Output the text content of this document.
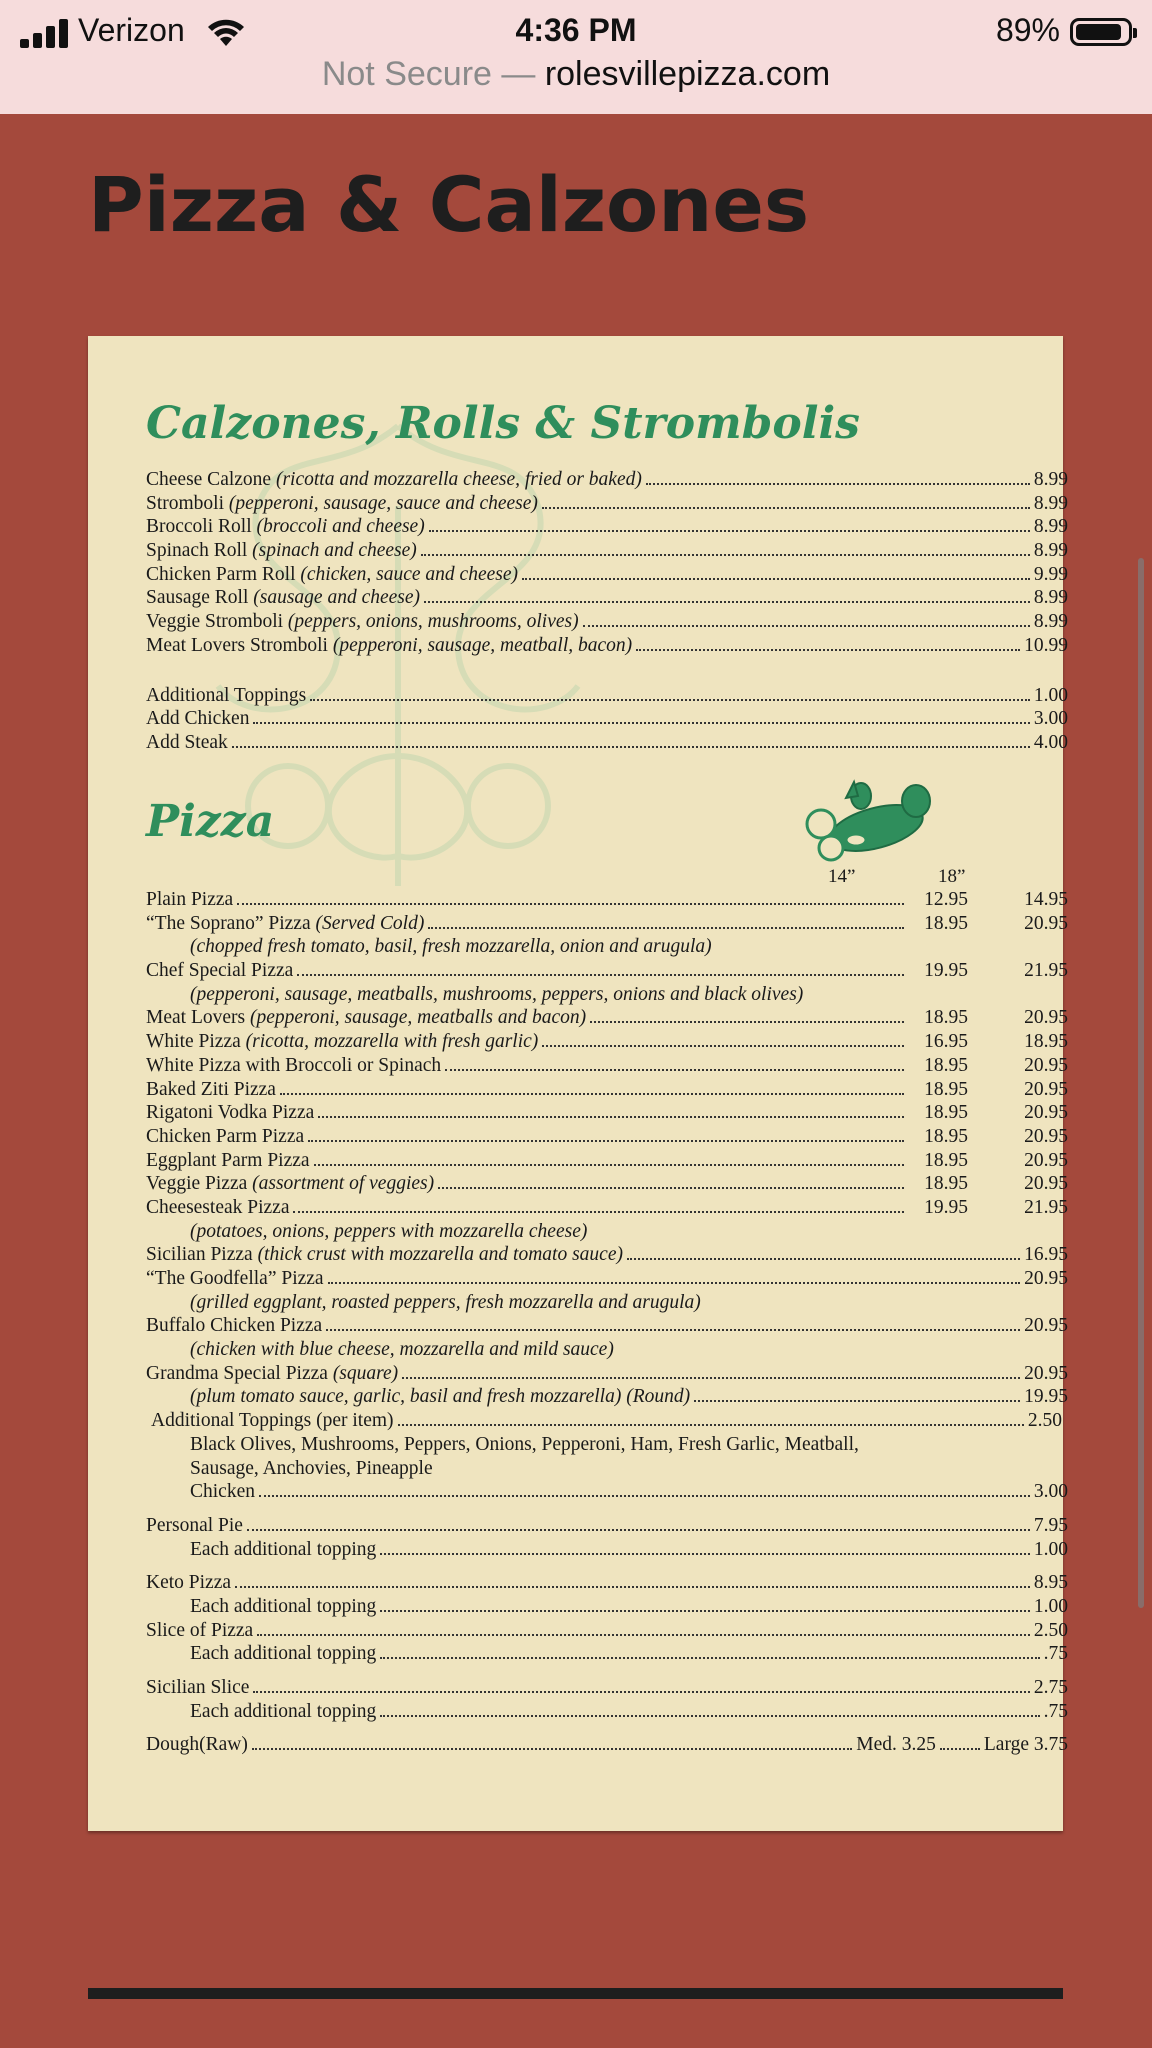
Verizon	4:36 PM	89%
Not Secure — rolesvillepizza.com
Pizza & Calzones
Calzones, Rolls & Strombolis
Cheese Calzone (ricotta and mozzarella cheese, fried or baked)	8.99
Stromboli (pepperoni, sausage, sauce and cheese)	8.99
Broccoli Roll (broccoli and cheese)	8.99
Spinach Roll (spinach and cheese)	8.99
Chicken Parm Roll (chicken, sauce and cheese)	9.99
Sausage Roll (sausage and cheese)	8.99
Veggie Stromboli (peppers, onions, mushrooms, olives)	8.99
Meat Lovers Stromboli (pepperoni, sausage, meatball, bacon)	10.99
Additional Toppings	1.00
Add Chicken	3.00
Add Steak	4.00
Pizza
14”	18”
Plain Pizza	12.95	14.95
“The Soprano” Pizza (Served Cold)	18.95	20.95
(chopped fresh tomato, basil, fresh mozzarella, onion and arugula)
Chef Special Pizza	19.95	21.95
(pepperoni, sausage, meatballs, mushrooms, peppers, onions and black olives)
Meat Lovers (pepperoni, sausage, meatballs and bacon)	18.95	20.95
White Pizza (ricotta, mozzarella with fresh garlic)	16.95	18.95
White Pizza with Broccoli or Spinach	18.95	20.95
Baked Ziti Pizza	18.95	20.95
Rigatoni Vodka Pizza	18.95	20.95
Chicken Parm Pizza	18.95	20.95
Eggplant Parm Pizza	18.95	20.95
Veggie Pizza (assortment of veggies)	18.95	20.95
Cheesesteak Pizza	19.95	21.95
(potatoes, onions, peppers with mozzarella cheese)
Sicilian Pizza (thick crust with mozzarella and tomato sauce)	16.95
“The Goodfella” Pizza	20.95
(grilled eggplant, roasted peppers, fresh mozzarella and arugula)
Buffalo Chicken Pizza	20.95
(chicken with blue cheese, mozzarella and mild sauce)
Grandma Special Pizza (square)	20.95
(plum tomato sauce, garlic, basil and fresh mozzarella) (Round)	19.95
Additional Toppings (per item)	2.50
Black Olives, Mushrooms, Peppers, Onions, Pepperoni, Ham, Fresh Garlic, Meatball,
Sausage, Anchovies, Pineapple
Chicken	3.00
Personal Pie	7.95
Each additional topping	1.00
Keto Pizza	8.95
Each additional topping	1.00
Slice of Pizza	2.50
Each additional topping	.75
Sicilian Slice	2.75
Each additional topping	.75
Dough(Raw)	Med. 3.25 Large 3.75
